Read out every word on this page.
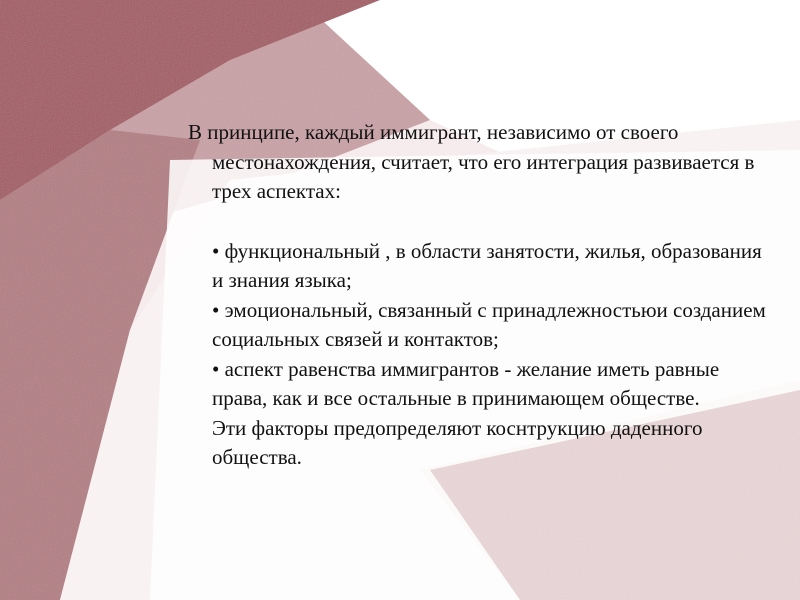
В принципе, каждый иммигрант, независимо от своего местонахождения, считает, что его интеграция развивается в трех аспектах:

• функциональный , в области занятости, жилья, образования и знания языка;
• эмоциональный, связанный с принадлежностьюи созданием социальных связей и контактов;
• аспект равенства иммигрантов - желание иметь равные права, как и все остальные в принимающем обществе.

Эти факторы предопределяют коснтрукцию даденного общества.
